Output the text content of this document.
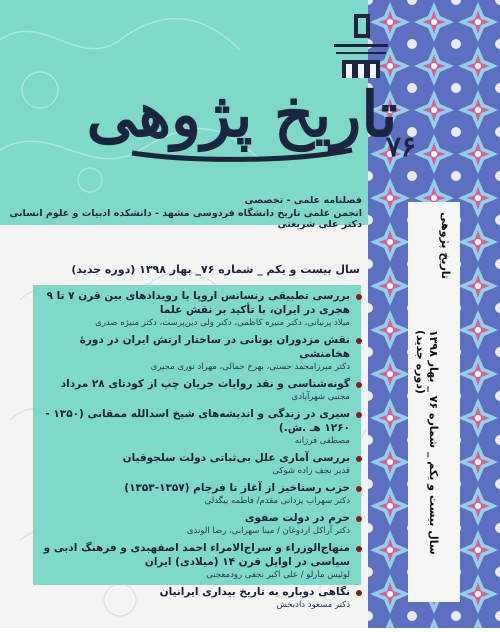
تاریخ پژوهی
سال بیست و یکم _ شماره ۷۶ _ بهار ۱۳۹۸ (دوره جدید)
تاریخ پژوهی
۷۶
فصلنامه علمی - تخصصی
انجمن علمی تاریخ دانشگاه فردوسی مشهد - دانشکده ادبیات و علوم انسانی دکتر علی شریعتی
سال بیست و یکم _ شماره ۷۶_ بهار ۱۳۹۸ (دوره جدید)
بررسی تطبیقی رنسانس اروپا با رویدادهای بین قرن ۷ تا ۹ هجری در ایران، با تأکید بر نقش علما
میلاد پرنیانی، دکتر منیره کاظمی، دکتر ولی دین‌پرست، دکتر منیژه صدری
نقش مزدوران یونانی در ساختار ارتش ایران در دورهٔ هخامنشی
دکتر میرزامحمد حسنی، بهرخ جمالی، مهراد نوری مجیری
گونه‌شناسی و نقد روایات جریان چپ از کودتای ۲۸ مرداد
مجتبی شهرآبادی
سیری در زندگی و اندیشه‌های شیخ اسدالله ممقانی (۱۳۵۰ - ۱۲۶۰ هـ .ش.)
مصطفی فرزانه
بررسی آماری علل بی‌ثباتی دولت سلجوقیان
قدیر نجف زاده شوکی
حزب رستاخیز از آغاز تا فرجام (۱۳۵۷-۱۳۵۳)
دکتر سهراب یزدانی مقدم/ فاطمه بیگدلی
حرم در دولت صفوی
دکتر آراکل اردوغان / مینا سهرابی، رضا الوندی
منهاج‌الوزراء و سراج‌الامراء احمد اصفهبدی و فرهنگ ادبی و سیاسی در اوایل قرن ۱۴ (میلادی) ایران
لوئیس مارلو / علی اکبر نجفی رودمعجنی
نگاهی دوباره به تاریخ بیداری ایرانیان
دکتر مسعود دادبخش
